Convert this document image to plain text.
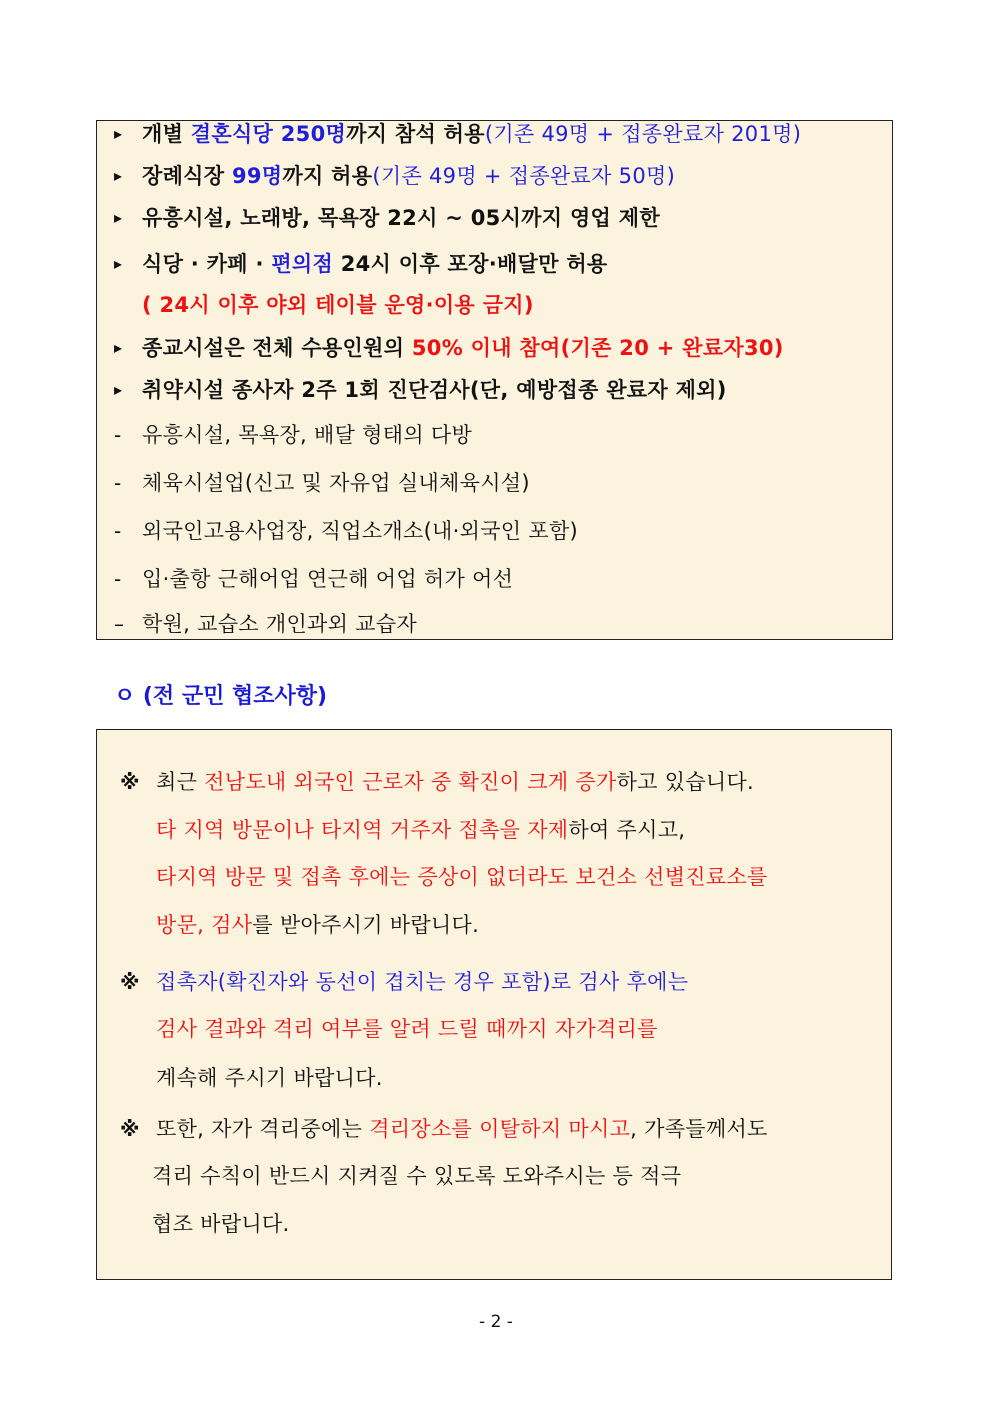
ㅇ (전 군민 협조사항)
- 2 -
▸ 개별 결혼식당 250명까지 참석 허용(기존 49명 + 접종완료자 201명)
▸ 장례식장 99명까지 허용(기존 49명 + 접종완료자 50명)
▸ 유흥시설, 노래방, 목욕장 22시 ~ 05시까지 영업 제한
▸ 식당 · 카페 · 편의점 24시 이후 포장·배달만 허용
( 24시 이후 야외 테이블 운영·이용 금지)
▸ 종교시설은 전체 수용인원의 50% 이내 참여(기존 20 + 완료자30)
▸ 취약시설 종사자 2주 1회 진단검사(단, 예방접종 완료자 제외)
- 유흥시설, 목욕장, 배달 형태의 다방
- 체육시설업(신고 및 자유업 실내체육시설)
- 외국인고용사업장, 직업소개소(내·외국인 포함)
- 입·출항 근해어업 연근해 어업 허가 어선
– 학원, 교습소 개인과외 교습자
※ 최근 전남도내 외국인 근로자 중 확진이 크게 증가하고 있습니다.
타 지역 방문이나 타지역 거주자 접촉을 자제하여 주시고,
타지역 방문 및 접촉 후에는 증상이 없더라도 보건소 선별진료소를
방문, 검사를 받아주시기 바랍니다.
※ 접촉자(확진자와 동선이 겹치는 경우 포함)로 검사 후에는
검사 결과와 격리 여부를 알려 드릴 때까지 자가격리를
계속해 주시기 바랍니다.
※ 또한, 자가 격리중에는 격리장소를 이탈하지 마시고, 가족들께서도
격리 수칙이 반드시 지켜질 수 있도록 도와주시는 등 적극
협조 바랍니다.
